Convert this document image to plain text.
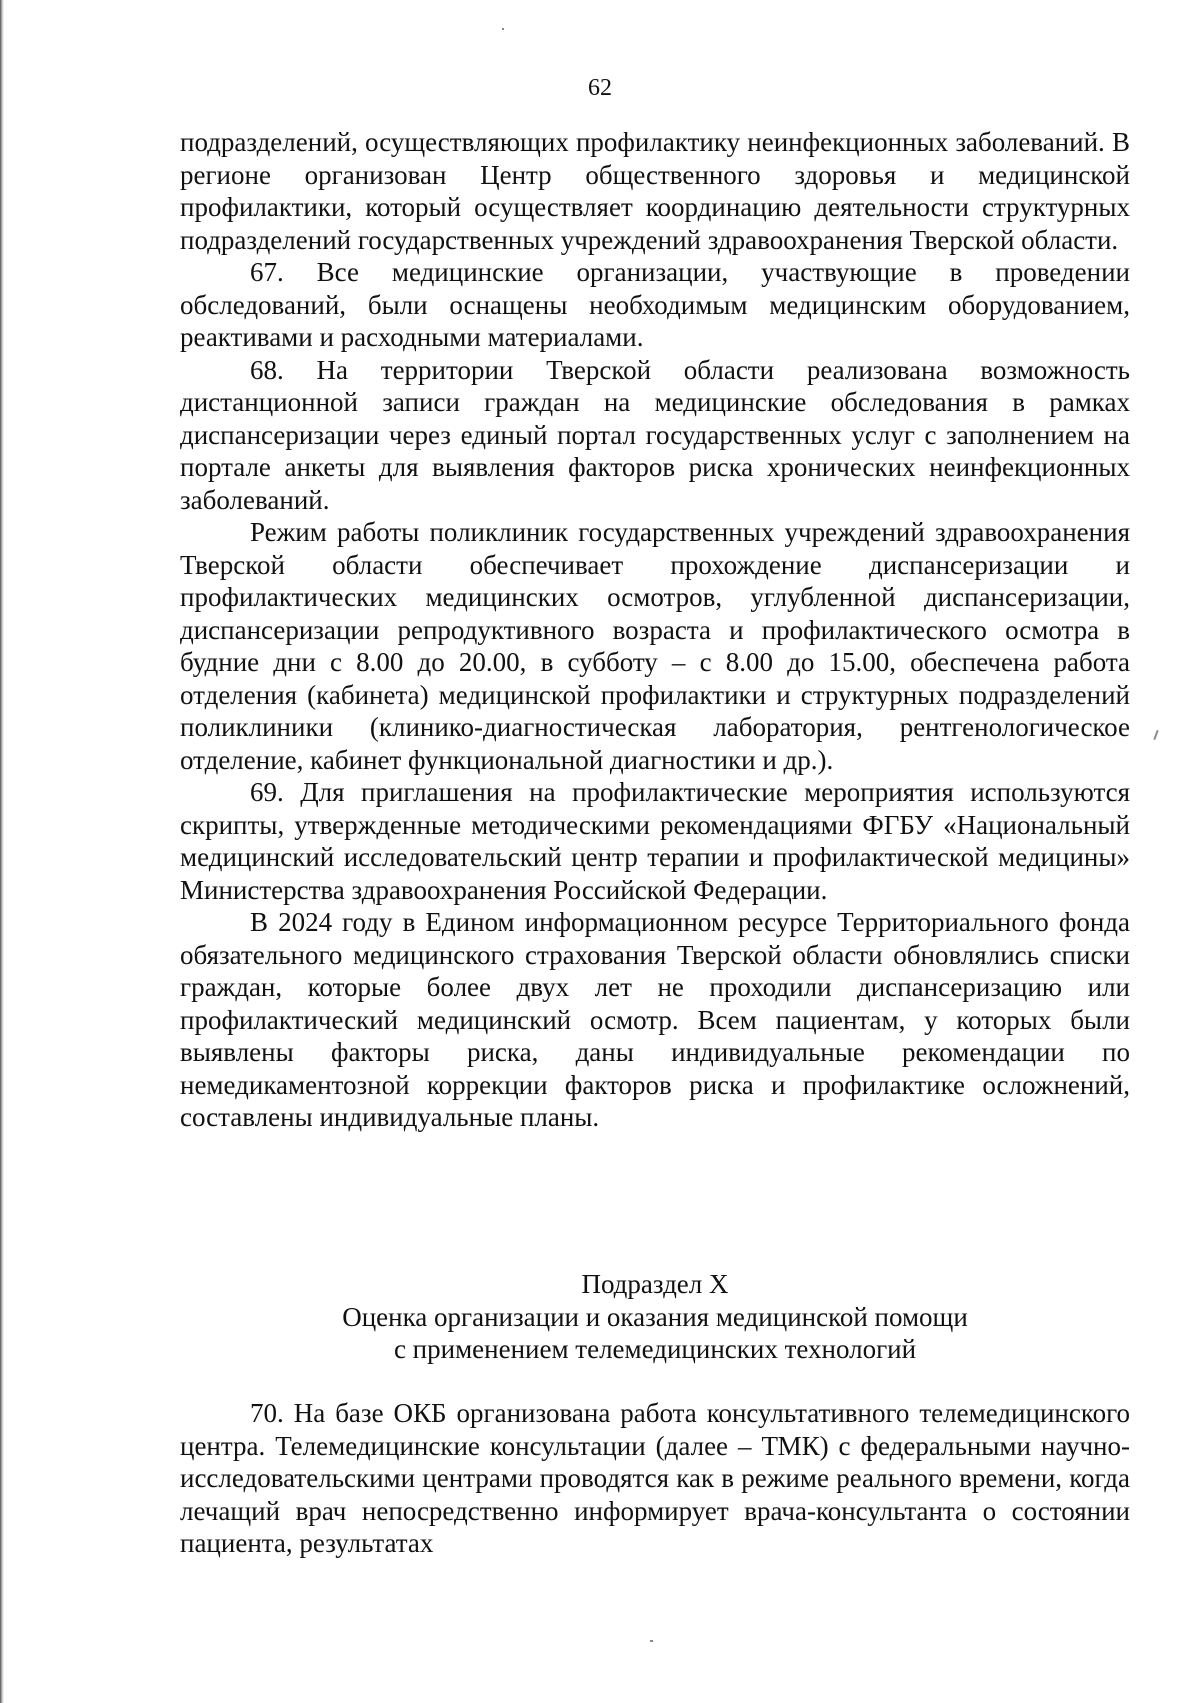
62

подразделений, осуществляющих профилактику неинфекционных заболеваний. В регионе организован Центр общественного здоровья и медицинской профилактики, который осуществляет координацию деятельности структурных подразделений государственных учреждений здравоохранения Тверской области.

67. Все медицинские организации, участвующие в проведении обследований, были оснащены необходимым медицинским оборудованием, реактивами и расходными материалами.

68. На территории Тверской области реализована возможность дистанционной записи граждан на медицинские обследования в рамках диспансеризации через единый портал государственных услуг с заполнением на портале анкеты для выявления факторов риска хронических неинфекционных заболеваний.

Режим работы поликлиник государственных учреждений здравоохранения Тверской области обеспечивает прохождение диспансеризации и профилактических медицинских осмотров, углубленной диспансеризации, диспансеризации репродуктивного возраста и профилактического осмотра в будние дни с 8.00 до 20.00, в субботу – с 8.00 до 15.00, обеспечена работа отделения (кабинета) медицинской профилактики и структурных подразделений поликлиники (клинико-диагностическая лаборатория, рентгенологическое отделение, кабинет функциональной диагностики и др.).

69. Для приглашения на профилактические мероприятия используются скрипты, утвержденные методическими рекомендациями ФГБУ «Национальный медицинский исследовательский центр терапии и профилактической медицины» Министерства здравоохранения Российской Федерации.

В 2024 году в Едином информационном ресурсе Территориального фонда обязательного медицинского страхования Тверской области обновлялись списки граждан, которые более двух лет не проходили диспансеризацию или профилактический медицинский осмотр. Всем пациентам, у которых были выявлены факторы риска, даны индивидуальные рекомендации по немедикаментозной коррекции факторов риска и профилактике осложнений, составлены индивидуальные планы.

Подраздел X
Оценка организации и оказания медицинской помощи
с применением телемедицинских технологий

70. На базе ОКБ организована работа консультативного телемедицинского центра. Телемедицинские консультации (далее – ТМК) с федеральными научно-исследовательскими центрами проводятся как в режиме реального времени, когда лечащий врач непосредственно информирует врача-консультанта о состоянии пациента, результатах
